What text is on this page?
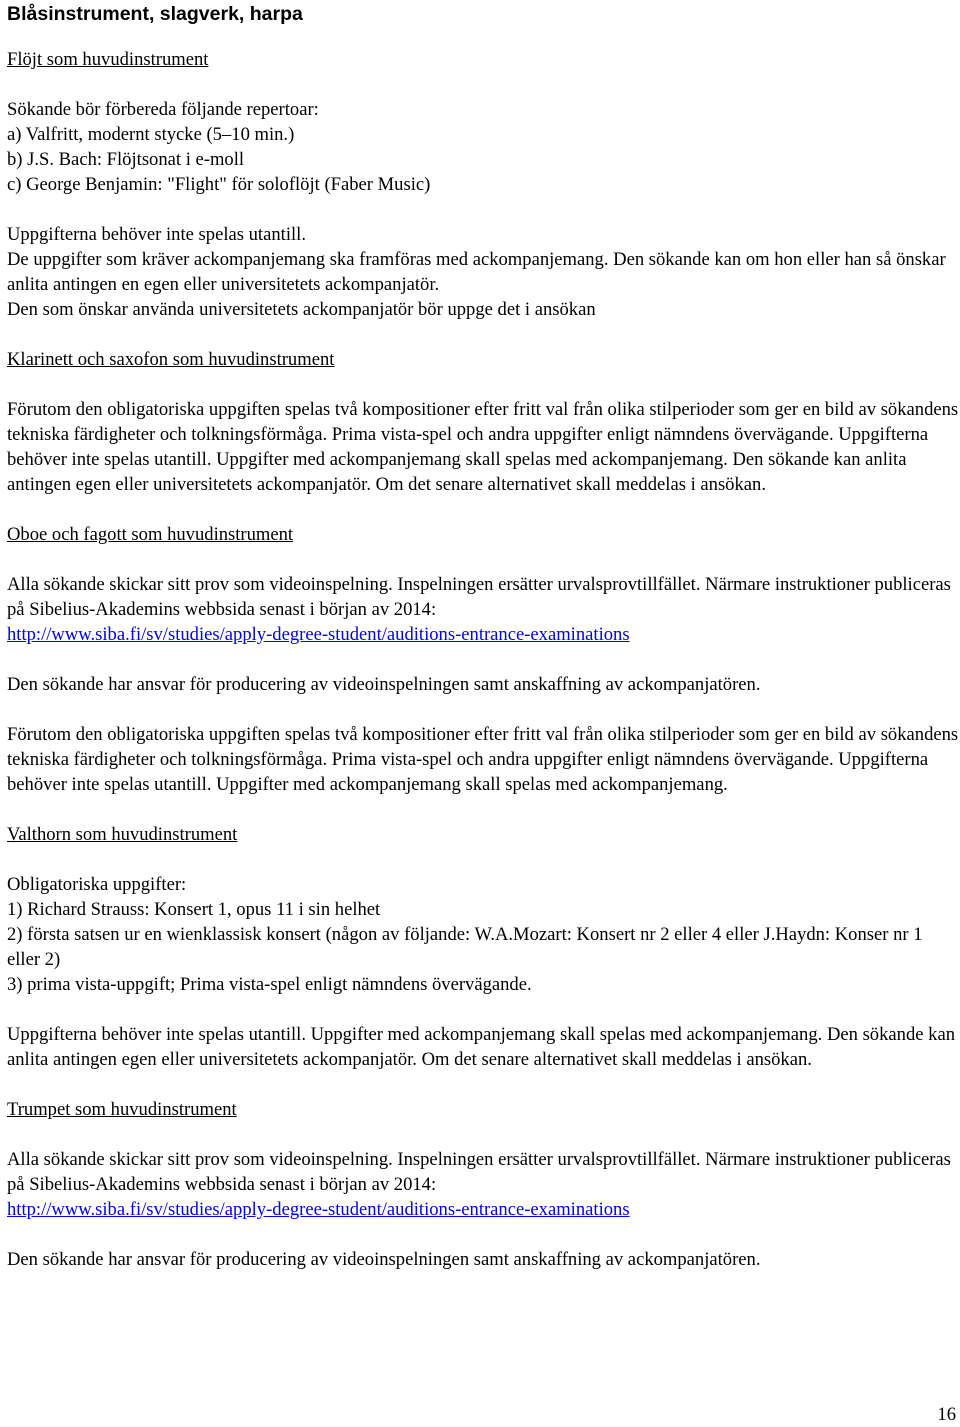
Blåsinstrument, slagverk, harpa

Flöjt som huvudinstrument

Sökande bör förbereda följande repertoar:

a) Valfritt, modernt stycke (5–10 min.)

b) J.S. Bach: Flöjtsonat i e-moll

c) George Benjamin: "Flight" för soloflöjt (Faber Music)

Uppgifterna behöver inte spelas utantill.

De uppgifter som kräver ackompanjemang ska framföras med ackompanjemang. Den sökande kan om hon eller han så önskar anlita antingen en egen eller universitetets ackompanjatör.

Den som önskar använda universitetets ackompanjatör bör uppge det i ansökan

Klarinett och saxofon som huvudinstrument

Förutom den obligatoriska uppgiften spelas två kompositioner efter fritt val från olika stilperioder som ger en bild av sökandens tekniska färdigheter och tolkningsförmåga. Prima vista-spel och andra uppgifter enligt nämndens övervägande. Uppgifterna behöver inte spelas utantill. Uppgifter med ackompanjemang skall spelas med ackompanjemang. Den sökande kan anlita antingen egen eller universitetets ackompanjatör. Om det senare alternativet skall meddelas i ansökan.

Oboe och fagott som huvudinstrument

Alla sökande skickar sitt prov som videoinspelning. Inspelningen ersätter urvalsprovtillfället. Närmare instruktioner publiceras på Sibelius-Akademins webbsida senast i början av 2014:

http://www.siba.fi/sv/studies/apply-degree-student/auditions-entrance-examinations

Den sökande har ansvar för producering av videoinspelningen samt anskaffning av ackompanjatören.

Förutom den obligatoriska uppgiften spelas två kompositioner efter fritt val från olika stilperioder som ger en bild av sökandens tekniska färdigheter och tolkningsförmåga. Prima vista-spel och andra uppgifter enligt nämndens övervägande. Uppgifterna behöver inte spelas utantill. Uppgifter med ackompanjemang skall spelas med ackompanjemang.

Valthorn som huvudinstrument

Obligatoriska uppgifter:

1) Richard Strauss: Konsert 1, opus 11 i sin helhet

2) första satsen ur en wienklassisk konsert (någon av följande: W.A.Mozart: Konsert nr 2 eller 4 eller J.Haydn: Konser nr 1 eller 2)

3) prima vista-uppgift; Prima vista-spel enligt nämndens övervägande.

Uppgifterna behöver inte spelas utantill. Uppgifter med ackompanjemang skall spelas med ackompanjemang. Den sökande kan anlita antingen egen eller universitetets ackompanjatör. Om det senare alternativet skall meddelas i ansökan.

Trumpet som huvudinstrument

Alla sökande skickar sitt prov som videoinspelning. Inspelningen ersätter urvalsprovtillfället. Närmare instruktioner publiceras på Sibelius-Akademins webbsida senast i början av 2014:

http://www.siba.fi/sv/studies/apply-degree-student/auditions-entrance-examinations

Den sökande har ansvar för producering av videoinspelningen samt anskaffning av ackompanjatören.

16
